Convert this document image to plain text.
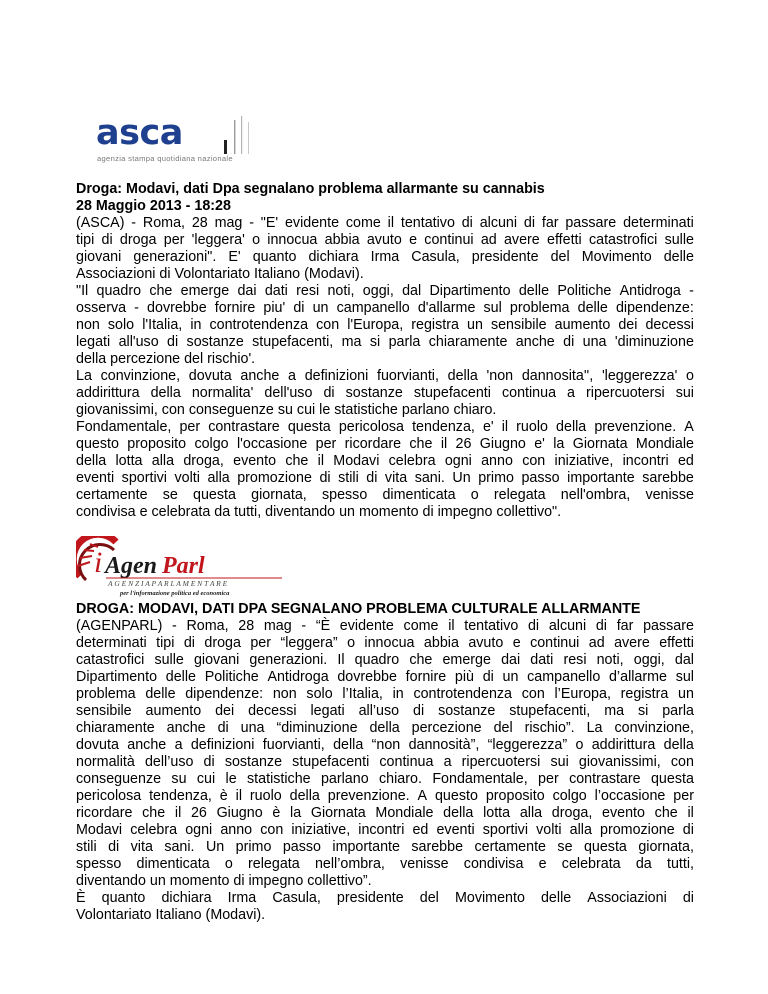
asca
agenzia stampa quotidiana nazionale
Droga: Modavi, dati Dpa segnalano problema allarmante su cannabis
28 Maggio 2013 - 18:28
(ASCA) - Roma, 28 mag - "E' evidente come il tentativo di alcuni di far passare determinati
tipi di droga per 'leggera' o innocua abbia avuto e continui ad avere effetti catastrofici sulle
giovani generazioni". E' quanto dichiara Irma Casula, presidente del Movimento delle
Associazioni di Volontariato Italiano (Modavi).
"Il quadro che emerge dai dati resi noti, oggi, dal Dipartimento delle Politiche Antidroga -
osserva - dovrebbe fornire piu' di un campanello d'allarme sul problema delle dipendenze:
non solo l'Italia, in controtendenza con l'Europa, registra un sensibile aumento dei decessi
legati all'uso di sostanze stupefacenti, ma si parla chiaramente anche di una 'diminuzione
della percezione del rischio'.
La convinzione, dovuta anche a definizioni fuorvianti, della 'non dannosita'', 'leggerezza' o
addirittura della normalita' dell'uso di sostanze stupefacenti continua a ripercuotersi sui
giovanissimi, con conseguenze su cui le statistiche parlano chiaro.
Fondamentale, per contrastare questa pericolosa tendenza, e' il ruolo della prevenzione. A
questo proposito colgo l'occasione per ricordare che il 26 Giugno e' la Giornata Mondiale
della lotta alla droga, evento che il Modavi celebra ogni anno con iniziative, incontri ed
eventi sportivi volti alla promozione di stili di vita sani. Un primo passo importante sarebbe
certamente se questa giornata, spesso dimenticata o relegata nell'ombra, venisse
condivisa e celebrata da tutti, diventando un momento di impegno collettivo".
i Agen Parl
A G E N Z I A P A R L A M E N T A R E
per l'informazione politica ed economica
DROGA: MODAVI, DATI DPA SEGNALANO PROBLEMA CULTURALE ALLARMANTE
(AGENPARL) - Roma, 28 mag - “È evidente come il tentativo di alcuni di far passare
determinati tipi di droga per “leggera” o innocua abbia avuto e continui ad avere effetti
catastrofici sulle giovani generazioni. Il quadro che emerge dai dati resi noti, oggi, dal
Dipartimento delle Politiche Antidroga dovrebbe fornire più di un campanello d’allarme sul
problema delle dipendenze: non solo l’Italia, in controtendenza con l’Europa, registra un
sensibile aumento dei decessi legati all’uso di sostanze stupefacenti, ma si parla
chiaramente anche di una “diminuzione della percezione del rischio”. La convinzione,
dovuta anche a definizioni fuorvianti, della “non dannosità”, “leggerezza” o addirittura della
normalità dell’uso di sostanze stupefacenti continua a ripercuotersi sui giovanissimi, con
conseguenze su cui le statistiche parlano chiaro. Fondamentale, per contrastare questa
pericolosa tendenza, è il ruolo della prevenzione. A questo proposito colgo l’occasione per
ricordare che il 26 Giugno è la Giornata Mondiale della lotta alla droga, evento che il
Modavi celebra ogni anno con iniziative, incontri ed eventi sportivi volti alla promozione di
stili di vita sani. Un primo passo importante sarebbe certamente se questa giornata,
spesso dimenticata o relegata nell’ombra, venisse condivisa e celebrata da tutti,
diventando un momento di impegno collettivo”.
È quanto dichiara Irma Casula, presidente del Movimento delle Associazioni di
Volontariato Italiano (Modavi).
